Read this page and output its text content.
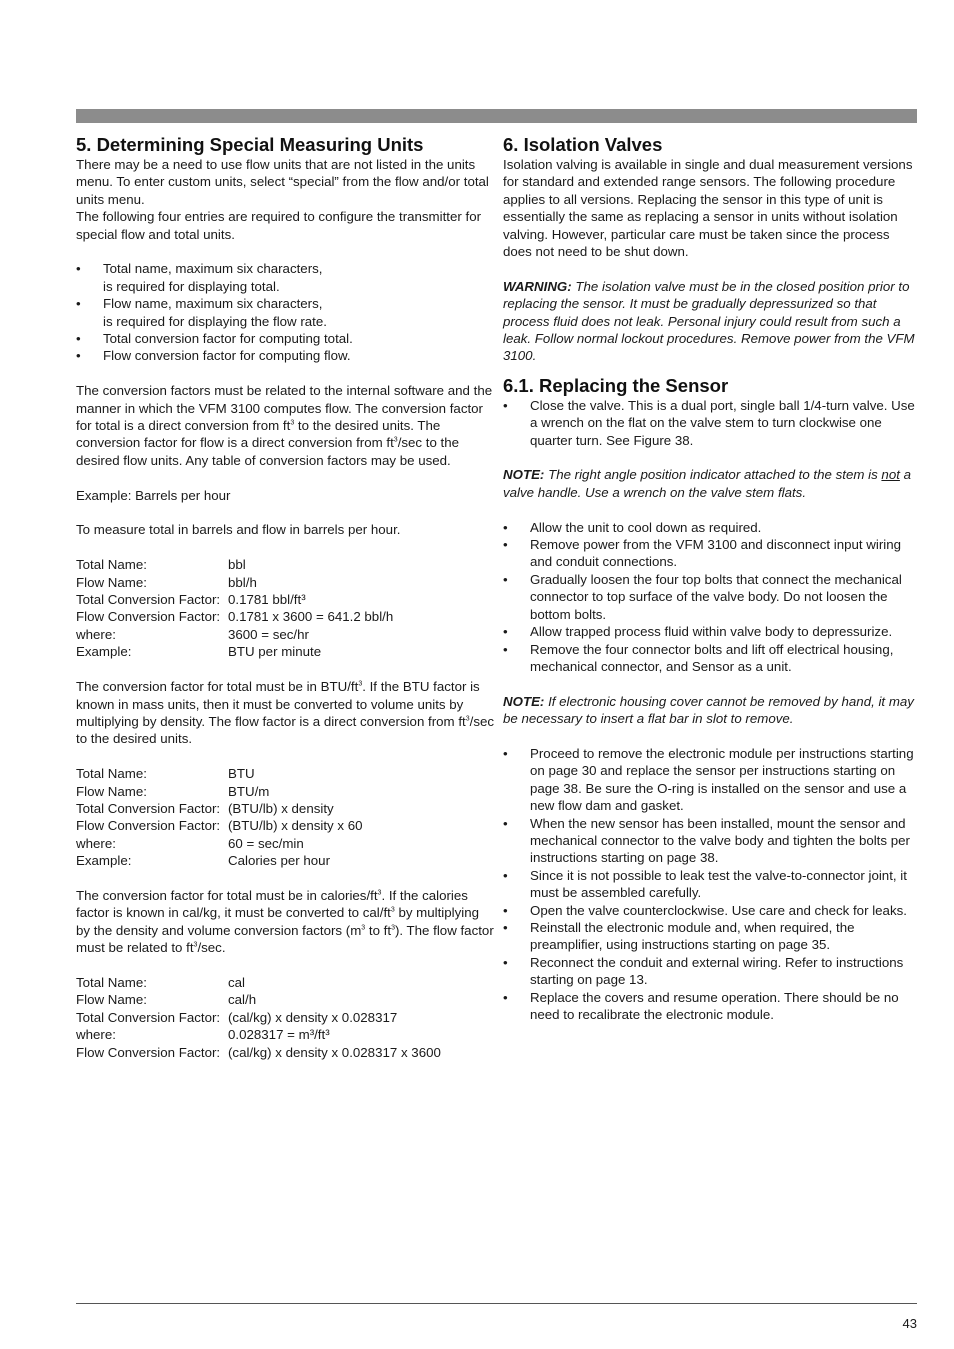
5. Determining Special Measuring Units

There may be a need to use flow units that are not listed in the units menu. To enter custom units, select “special” from the flow and/or total units menu.

The following four entries are required to configure the transmitter for special flow and total units.

• Total name, maximum six characters,
is required for displaying total.
• Flow name, maximum six characters,
is required for displaying the flow rate.
• Total conversion factor for computing total.
• Flow conversion factor for computing flow.

The conversion factors must be related to the internal software and the manner in which the VFM 3100 computes flow. The conversion factor for total is a direct conversion from $ft^3$ to the desired units. The conversion factor for flow is a direct conversion from $ft^3/\sec$ to the desired flow units. Any table of conversion factors may be used.

Example: Barrels per hour

To measure total in barrels and flow in barrels per hour.

Total Name:	bbl
Flow Name:	bbl/h
Total Conversion Factor: 0.1781 bbl/ft³
Flow Conversion Factor: 0.1781 x 3600 = 641.2 bbl/h
where:	3600 = sec/hr
Example:	BTU per minute

The conversion factor for total must be in BTU/$ft^3$. If the BTU factor is known in mass units, then it must be converted to volume units by multiplying by density. The flow factor is a direct conversion from $ft^3/\sec$ to the desired units.

Total Name:	BTU
Flow Name:	BTU/m
Total Conversion Factor: (BTU/lb) x density
Flow Conversion Factor: (BTU/lb) x density x 60
where:	60 = sec/min
Example:	Calories per hour

The conversion factor for total must be in calories/$ft^3$. If the calories factor is known in cal/kg, it must be converted to cal/$ft^3$ by multiplying by the density and volume conversion factors ($m^3$ to $ft^3$). The flow factor must be related to $ft^3/\sec$.

Total Name:	cal
Flow Name:	cal/h
Total Conversion Factor: (cal/kg) x density x 0.028317
where:	0.028317 = m³/ft³
Flow Conversion Factor: (cal/kg) x density x 0.028317 x 3600
6. Isolation Valves

Isolation valving is available in single and dual measurement versions for standard and extended range sensors. The following procedure applies to all versions. Replacing the sensor in this type of unit is essentially the same as replacing a sensor in units without isolation valving. However, particular care must be taken since the process does not need to be shut down.

WARNING: The isolation valve must be in the closed position prior to replacing the sensor. It must be gradually depressurized so that process fluid does not leak. Personal injury could result from such a leak. Follow normal lockout procedures. Remove power from the VFM 3100.

6.1. Replacing the Sensor
• Close the valve. This is a dual port, single ball 1/4-turn valve. Use a wrench on the flat on the valve stem to turn clockwise one quarter turn. See Figure 38.

NOTE: The right angle position indicator attached to the stem is not a valve handle. Use a wrench on the valve stem flats.

• Allow the unit to cool down as required.
• Remove power from the VFM 3100 and disconnect input wiring and conduit connections.
• Gradually loosen the four top bolts that connect the mechanical connector to top surface of the valve body. Do not loosen the bottom bolts.
• Allow trapped process fluid within valve body to depressurize.
• Remove the four connector bolts and lift off electrical housing, mechanical connector, and Sensor as a unit.

NOTE: If electronic housing cover cannot be removed by hand, it may be necessary to insert a flat bar in slot to remove.

• Proceed to remove the electronic module per instructions starting on page 30 and replace the sensor per instructions starting on page 38. Be sure the O-ring is installed on the sensor and use a new flow dam and gasket.
• When the new sensor has been installed, mount the sensor and mechanical connector to the valve body and tighten the bolts per instructions starting on page 38.
• Since it is not possible to leak test the valve-to-connector joint, it must be assembled carefully.
• Open the valve counterclockwise. Use care and check for leaks.
• Reinstall the electronic module and, when required, the preamplifier, using instructions starting on page 35.
• Reconnect the conduit and external wiring. Refer to instructions starting on page 13.
• Replace the covers and resume operation. There should be no need to recalibrate the electronic module.
43
